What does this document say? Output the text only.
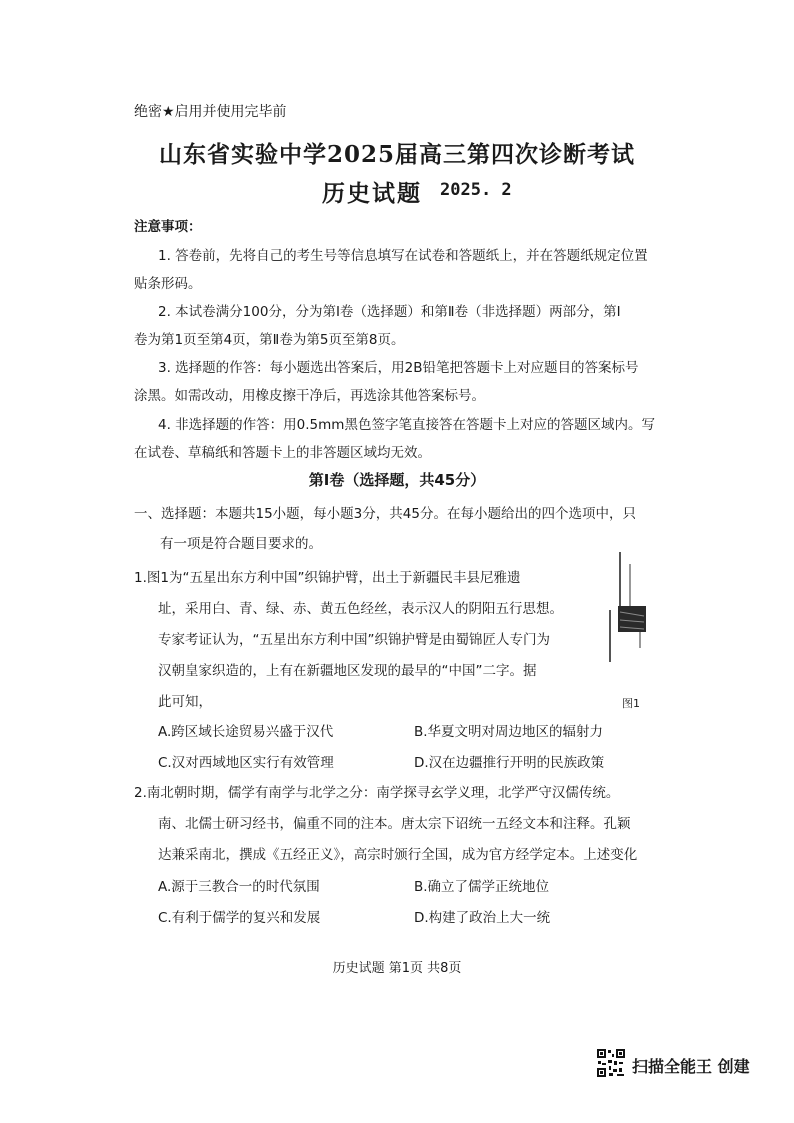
绝密★启用并使用完毕前
山东省实验中学2025届高三第四次诊断考试
历史试题 2025. 2
注意事项：
1. 答卷前，先将自己的考生号等信息填写在试卷和答题纸上，并在答题纸规定位置
贴条形码。
2. 本试卷满分100分，分为第Ⅰ卷（选择题）和第Ⅱ卷（非选择题）两部分，第Ⅰ
卷为第1页至第4页，第Ⅱ卷为第5页至第8页。
3. 选择题的作答：每小题选出答案后，用2B铅笔把答题卡上对应题目的答案标号
涂黑。如需改动，用橡皮擦干净后，再选涂其他答案标号。
4. 非选择题的作答：用0.5mm黑色签字笔直接答在答题卡上对应的答题区域内。写
在试卷、草稿纸和答题卡上的非答题区域均无效。
第Ⅰ卷（选择题，共45分）
一、选择题：本题共15小题，每小题3分，共45分。在每小题给出的四个选项中，只
有一项是符合题目要求的。
1.图1为“五星出东方利中国”织锦护臂，出土于新疆民丰县尼雅遗
址，采用白、青、绿、赤、黄五色经丝，表示汉人的阴阳五行思想。
专家考证认为，“五星出东方利中国”织锦护臂是由蜀锦匠人专门为
汉朝皇家织造的，上有在新疆地区发现的最早的“中国”二字。据
此可知，	图1
A.跨区域长途贸易兴盛于汉代	B.华夏文明对周边地区的辐射力
C.汉对西域地区实行有效管理	D.汉在边疆推行开明的民族政策
2.南北朝时期，儒学有南学与北学之分：南学探寻玄学义理，北学严守汉儒传统。
南、北儒士研习经书，偏重不同的注本。唐太宗下诏统一五经文本和注释。孔颖
达兼采南北，撰成《五经正义》，高宗时颁行全国，成为官方经学定本。上述变化
A.源于三教合一的时代氛围	B.确立了儒学正统地位
C.有利于儒学的复兴和发展	D.构建了政治上大一统
历史试题 第1页 共8页
扫描全能王 创建
